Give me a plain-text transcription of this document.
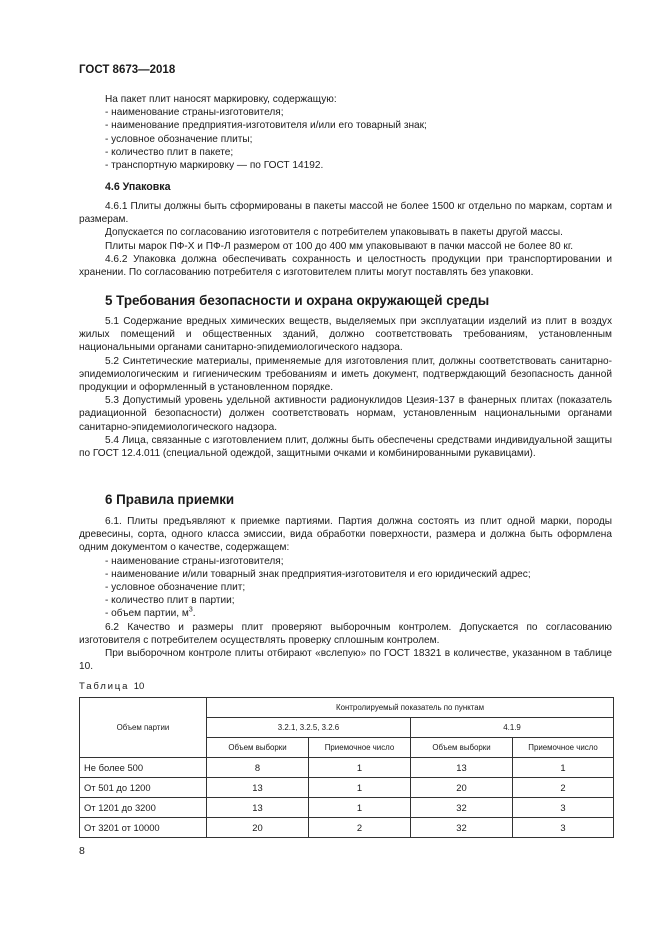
ГОСТ 8673—2018

На пакет плит наносят маркировку, содержащую:

- наименование страны-изготовителя;

- наименование предприятия-изготовителя и/или его товарный знак;

- условное обозначение плиты;

- количество плит в пакете;

- транспортную маркировку — по ГОСТ 14192.

4.6 Упаковка

4.6.1 Плиты должны быть сформированы в пакеты массой не более 1500 кг отдельно по маркам, сортам и размерам.

Допускается по согласованию изготовителя с потребителем упаковывать в пакеты другой массы.

Плиты марок ПФ-Х и ПФ-Л размером от 100 до 400 мм упаковывают в пачки массой не более 80 кг.

4.6.2 Упаковка должна обеспечивать сохранность и целостность продукции при транспортировании и хранении. По согласованию потребителя с изготовителем плиты могут поставлять без упаковки.

5 Требования безопасности и охрана окружающей среды

5.1 Содержание вредных химических веществ, выделяемых при эксплуатации изделий из плит в воздух жилых помещений и общественных зданий, должно соответствовать требованиям, установленным национальными органами санитарно-эпидемиологического надзора.

5.2 Синтетические материалы, применяемые для изготовления плит, должны соответствовать санитарно-эпидемиологическим и гигиеническим требованиям и иметь документ, подтверждающий безопасность данной продукции и оформленный в установленном порядке.

5.3 Допустимый уровень удельной активности радионуклидов Цезия-137 в фанерных плитах (показатель радиационной безопасности) должен соответствовать нормам, установленным национальными органами санитарно-эпидемиологического надзора.

5.4 Лица, связанные с изготовлением плит, должны быть обеспечены средствами индивидуальной защиты по ГОСТ 12.4.011 (специальной одеждой, защитными очками и комбинированными рукавицами).

6 Правила приемки

6.1. Плиты предъявляют к приемке партиями. Партия должна состоять из плит одной марки, породы древесины, сорта, одного класса эмиссии, вида обработки поверхности, размера и должна быть оформлена одним документом о качестве, содержащем:

- наименование страны-изготовителя;

- наименование и/или товарный знак предприятия-изготовителя и его юридический адрес;

- условное обозначение плит;

- количество плит в партии;

- объем партии, $м^3$.

6.2 Качество и размеры плит проверяют выборочным контролем. Допускается по согласованию изготовителя с потребителем осуществлять проверку сплошным контролем.

При выборочном контроле плиты отбирают «вслепую» по ГОСТ 18321 в количестве, указанном в таблице 10.

Таблица 10
Объем партии	Контролируемый показатель по пунктам			
	3.2.1, 3.2.5, 3.2.6		4.1.9	
	Объем выборки	Приемочное число	Объем выборки	Приемочное число
Не более 500	8	1	13	1
От 501 до 1200	13	1	20	2
От 1201 до 3200	13	1	32	3
От 3201 от 10000	20	2	32	3
8
